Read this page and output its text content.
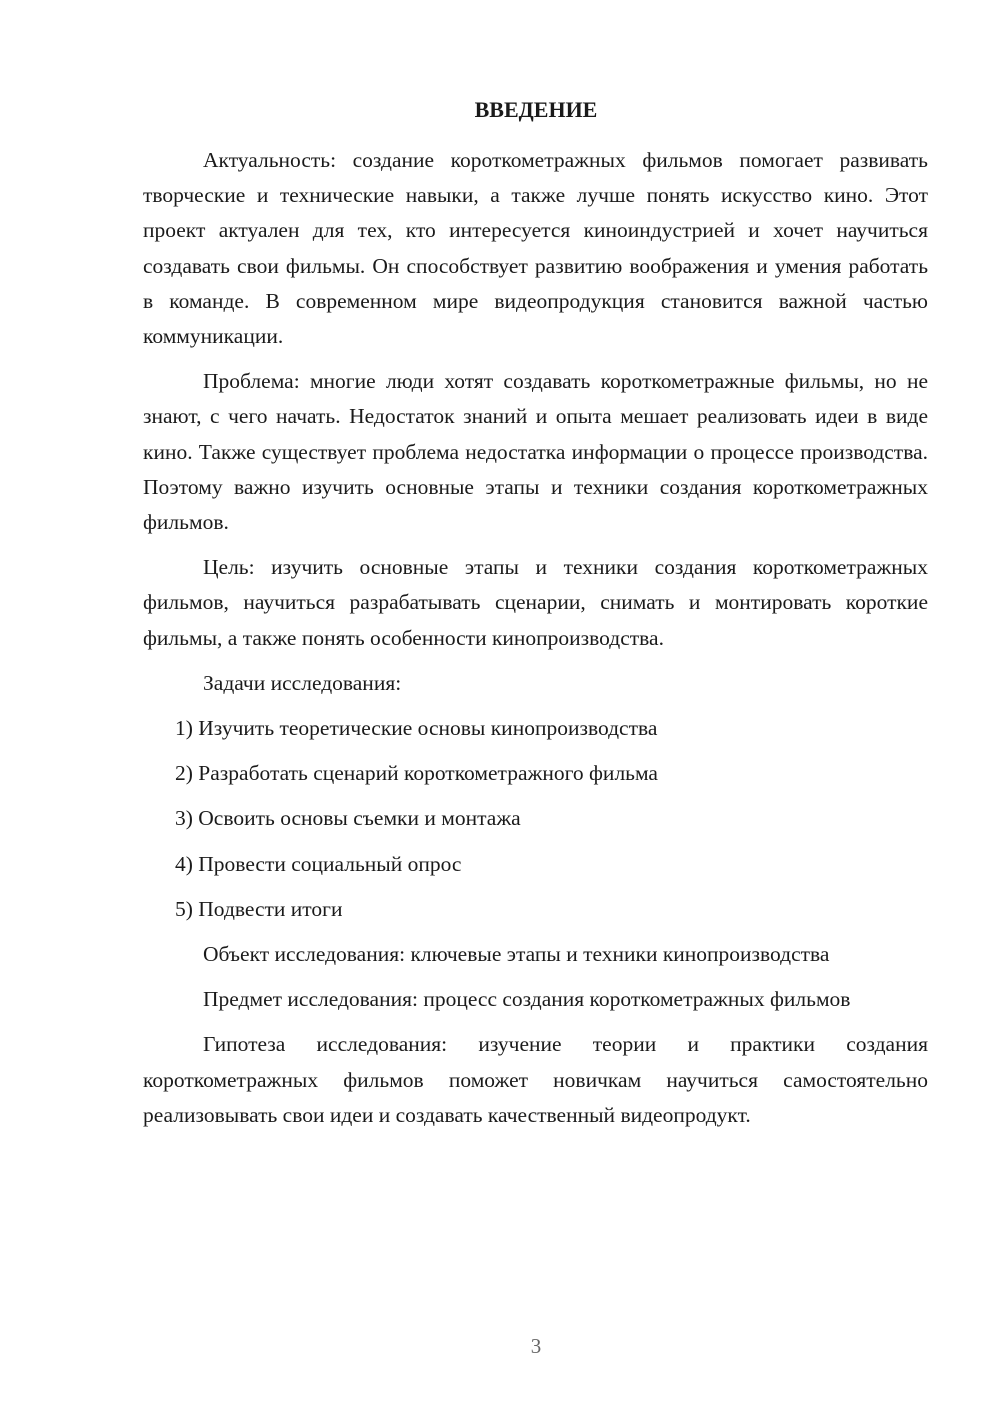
ВВЕДЕНИЕ

Актуальность: создание короткометражных фильмов помогает развивать творческие и технические навыки, а также лучше понять искусство кино. Этот проект актуален для тех, кто интересуется киноиндустрией и хочет научиться создавать свои фильмы. Он способствует развитию воображения и умения работать в команде. В современном мире видеопродукция становится важной частью коммуникации.

Проблема: многие люди хотят создавать короткометражные фильмы, но не знают, с чего начать. Недостаток знаний и опыта мешает реализовать идеи в виде кино. Также существует проблема недостатка информации о процессе производства. Поэтому важно изучить основные этапы и техники создания короткометражных фильмов.

Цель: изучить основные этапы и техники создания короткометражных фильмов, научиться разрабатывать сценарии, снимать и монтировать короткие фильмы, а также понять особенности кинопроизводства.

Задачи исследования:

1) Изучить теоретические основы кинопроизводства

2) Разработать сценарий короткометражного фильма

3) Освоить основы съемки и монтажа

4) Провести социальный опрос

5) Подвести итоги

Объект исследования: ключевые этапы и техники кинопроизводства

Предмет исследования: процесс создания короткометражных фильмов

Гипотеза исследования: изучение теории и практики создания короткометражных фильмов поможет новичкам научиться самостоятельно реализовывать свои идеи и создавать качественный видеопродукт.

3
